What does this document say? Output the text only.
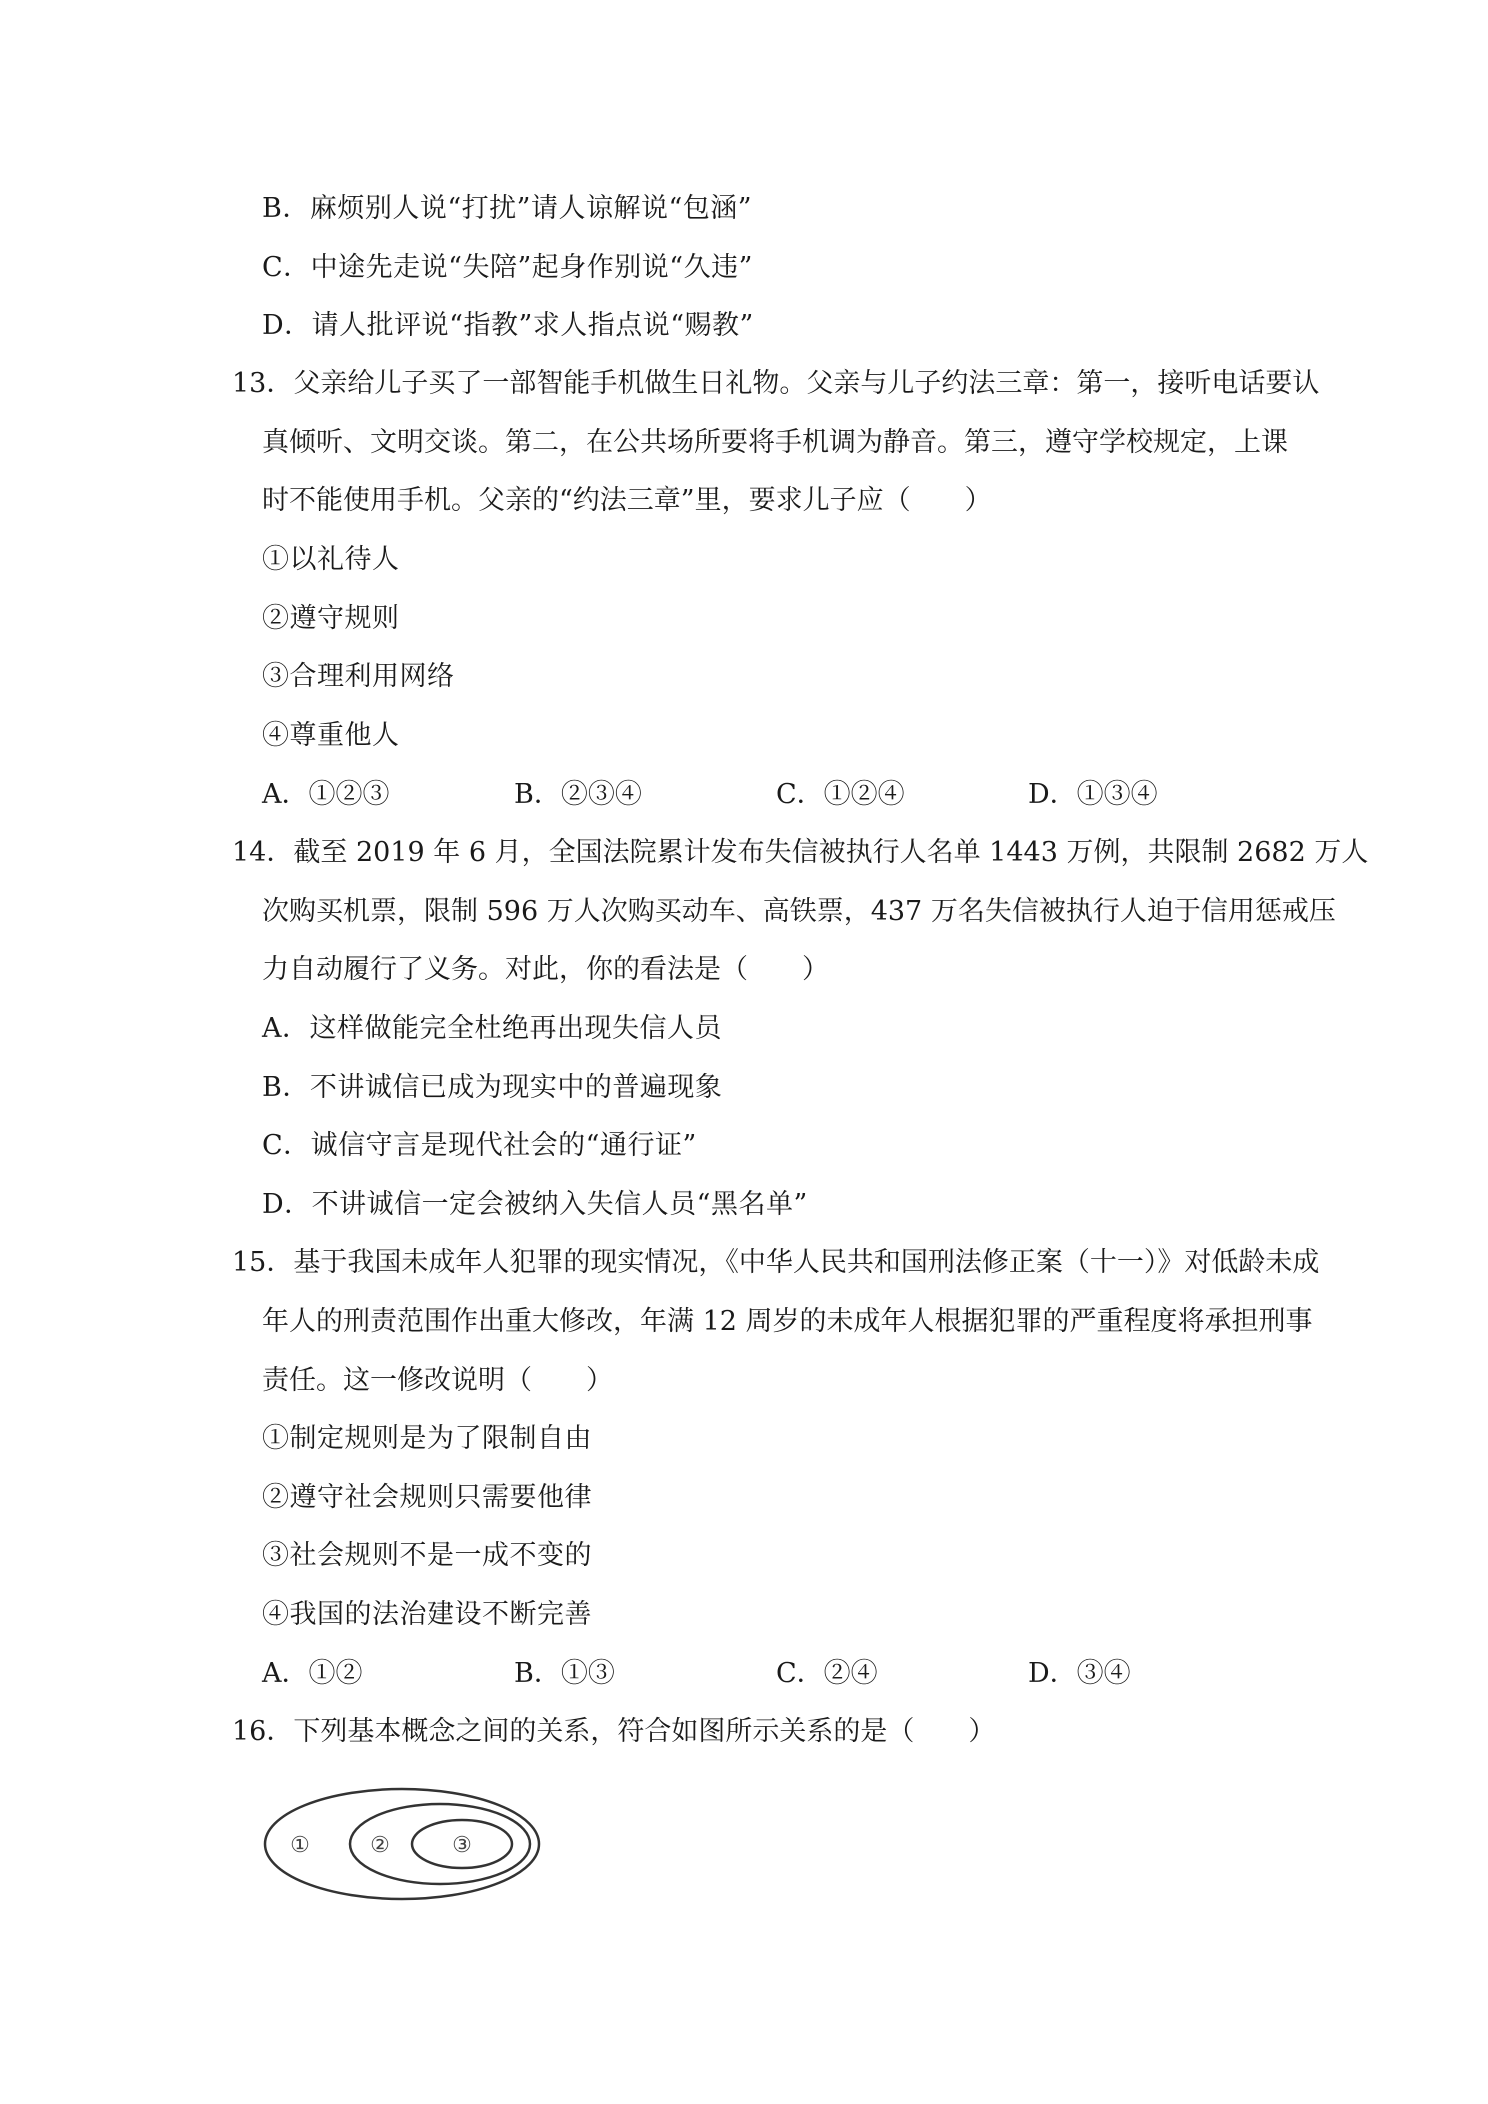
B．麻烦别人说“打扰”请人谅解说“包涵”
C．中途先走说“失陪”起身作别说“久违”
D．请人批评说“指教”求人指点说“赐教”
13．父亲给儿子买了一部智能手机做生日礼物。父亲与儿子约法三章：第一，接听电话要认
真倾听、文明交谈。第二，在公共场所要将手机调为静音。第三，遵守学校规定，上课
时不能使用手机。父亲的“约法三章”里，要求儿子应（　　）
①以礼待人
②遵守规则
③合理利用网络
④尊重他人
A．①②③	B．②③④	C．①②④	D．①③④
14．截至 2019 年 6 月，全国法院累计发布失信被执行人名单 1443 万例，共限制 2682 万人
次购买机票，限制 596 万人次购买动车、高铁票，437 万名失信被执行人迫于信用惩戒压
力自动履行了义务。对此，你的看法是（　　）
A．这样做能完全杜绝再出现失信人员
B．不讲诚信已成为现实中的普遍现象
C．诚信守言是现代社会的“通行证”
D．不讲诚信一定会被纳入失信人员“黑名单”
15．基于我国未成年人犯罪的现实情况，《中华人民共和国刑法修正案（十一）》对低龄未成
年人的刑责范围作出重大修改，年满 12 周岁的未成年人根据犯罪的严重程度将承担刑事
责任。这一修改说明（　　）
①制定规则是为了限制自由
②遵守社会规则只需要他律
③社会规则不是一成不变的
④我国的法治建设不断完善
A．①②	B．①③	C．②④	D．③④
16．下列基本概念之间的关系，符合如图所示关系的是（　　）
①	②	③
